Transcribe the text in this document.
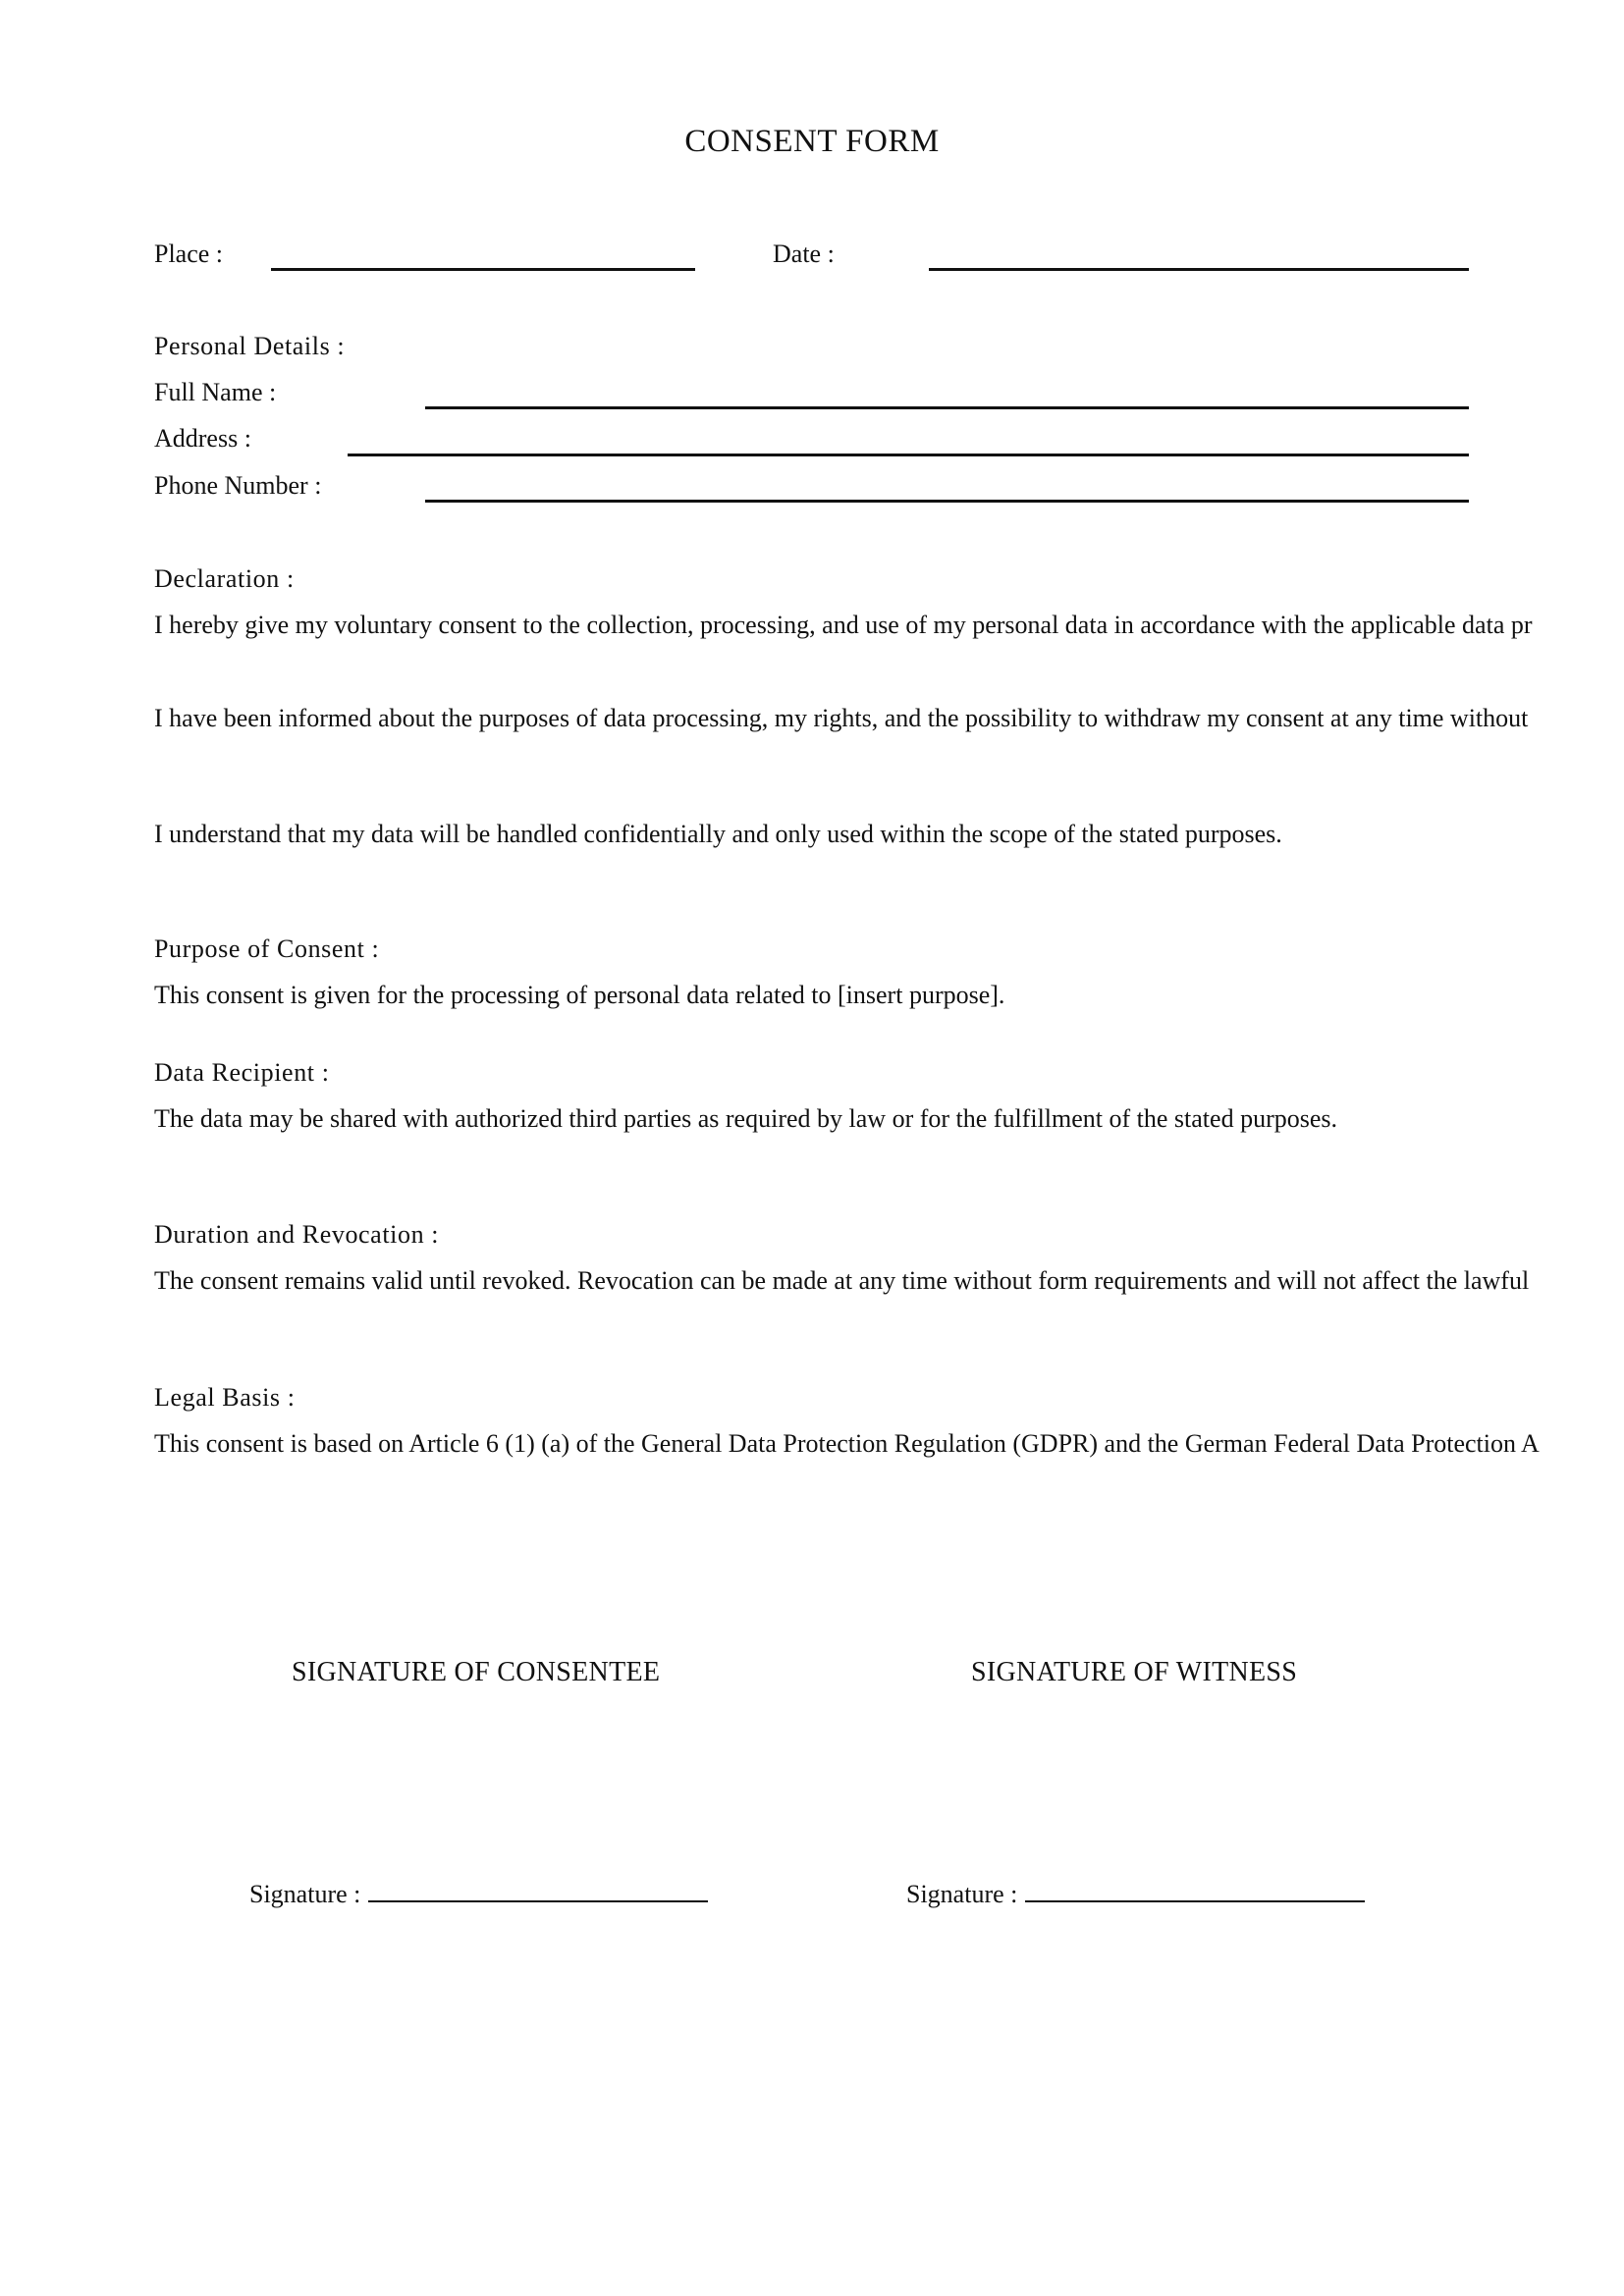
CONSENT FORM
Place :	Date :
Personal Details :
Full Name :
Address :
Phone Number :
Declaration :
I hereby give my voluntary consent to the collection, processing, and use of my personal data in accordance with the applicable data pr
I have been informed about the purposes of data processing, my rights, and the possibility to withdraw my consent at any time without
I understand that my data will be handled confidentially and only used within the scope of the stated purposes.
Purpose of Consent :
This consent is given for the processing of personal data related to [insert purpose].
Data Recipient :
The data may be shared with authorized third parties as required by law or for the fulfillment of the stated purposes.
Duration and Revocation :
The consent remains valid until revoked. Revocation can be made at any time without form requirements and will not affect the lawful
Legal Basis :
This consent is based on Article 6 (1) (a) of the General Data Protection Regulation (GDPR) and the German Federal Data Protection A
SIGNATURE OF CONSENTEE	SIGNATURE OF WITNESS
Signature :	Signature :
